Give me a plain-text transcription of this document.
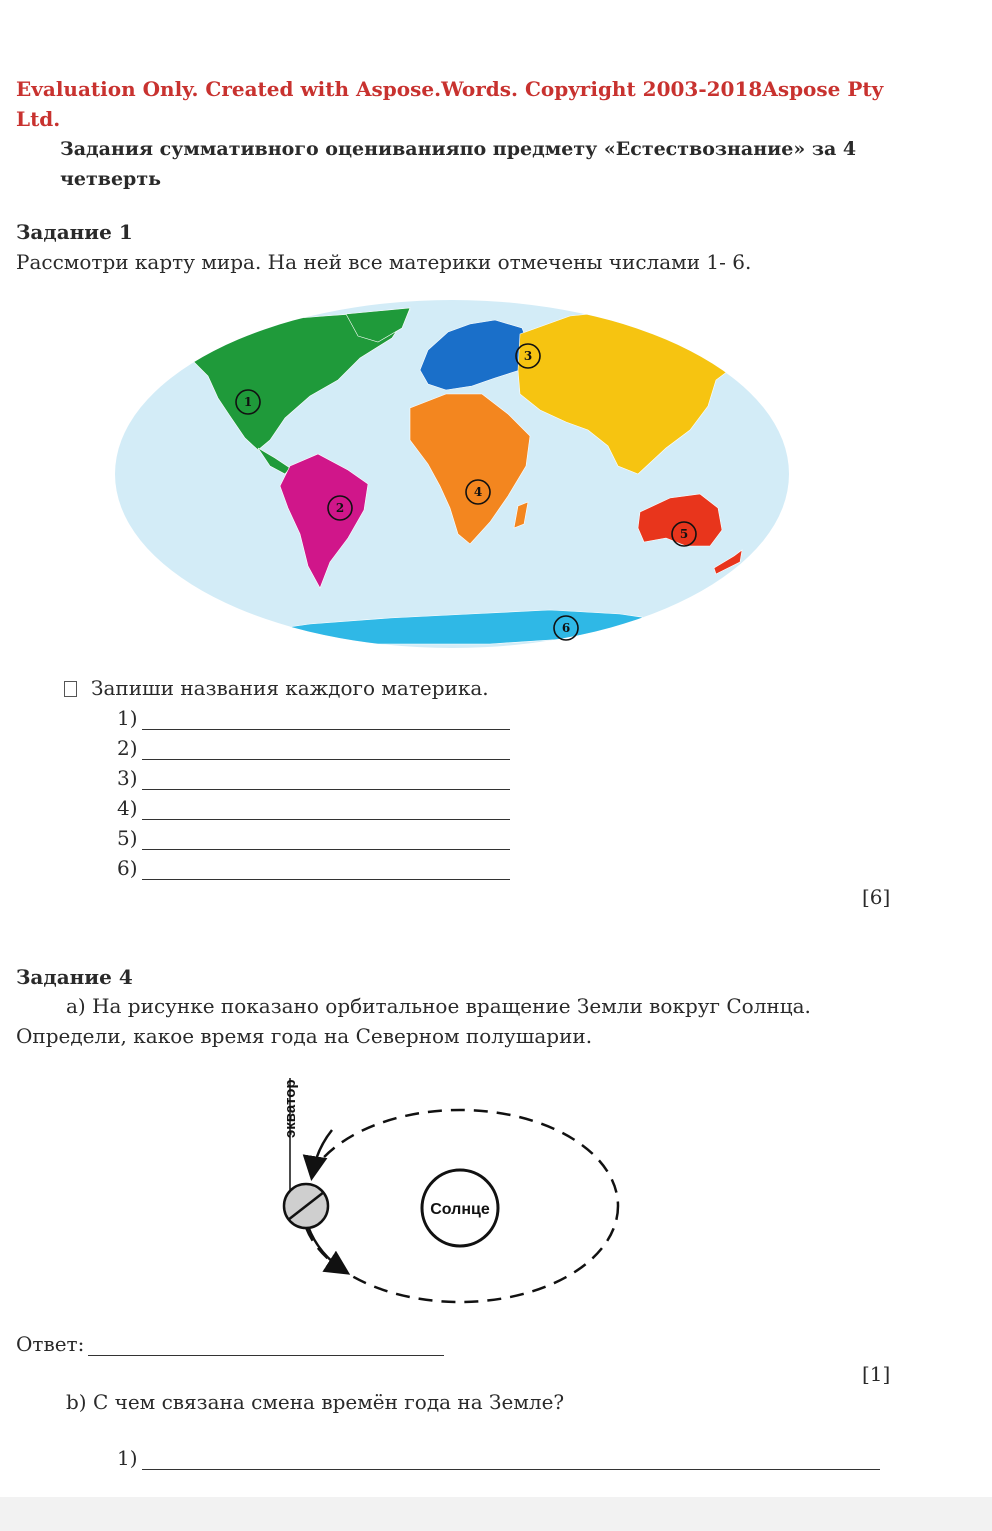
Evaluation Only. Created with Aspose.Words. Copyright 2003-2018Aspose Pty Ltd.
Задания суммативного оцениванияпо предмету «Естествознание» за 4 четверть
Задание 1
Рассмотри карту мира. На ней все материки отмечены числами 1- 6.
1
2
3
4
5
6
Запиши названия каждого материка.
1)
2)
3)
4)
5)
6)
[6]
Задание 4
a) На рисунке показано орбитальное вращение Земли вокруг Солнца.
Определи, какое время года на Северном полушарии.
экватор
Солнце
Ответ:
[1]
b) С чем связана смена времён года на Земле?
1)
